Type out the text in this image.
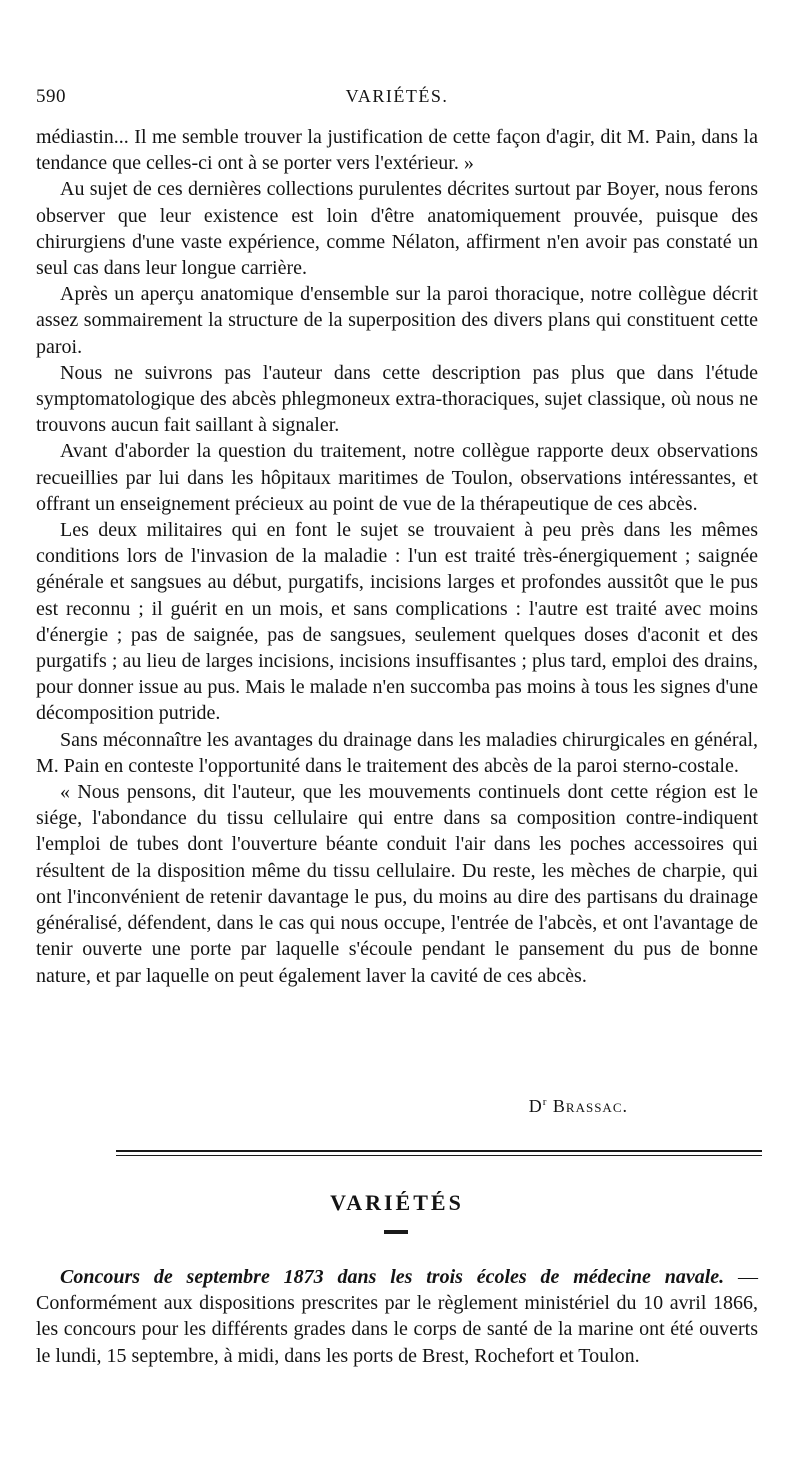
590	VARIÉTÉS.

médiastin... Il me semble trouver la justification de cette façon d'agir, dit M. Pain, dans la tendance que celles-ci ont à se porter vers l'extérieur. »

Au sujet de ces dernières collections purulentes décrites surtout par Boyer, nous ferons observer que leur existence est loin d'être anatomiquement prouvée, puisque des chirurgiens d'une vaste expérience, comme Nélaton, affirment n'en avoir pas constaté un seul cas dans leur longue carrière.

Après un aperçu anatomique d'ensemble sur la paroi thoracique, notre collègue décrit assez sommairement la structure de la superposition des divers plans qui constituent cette paroi.

Nous ne suivrons pas l'auteur dans cette description pas plus que dans l'étude symptomatologique des abcès phlegmoneux extra-thoraciques, sujet classique, où nous ne trouvons aucun fait saillant à signaler.

Avant d'aborder la question du traitement, notre collègue rapporte deux observations recueillies par lui dans les hôpitaux maritimes de Toulon, observations intéressantes, et offrant un enseignement précieux au point de vue de la thérapeutique de ces abcès.

Les deux militaires qui en font le sujet se trouvaient à peu près dans les mêmes conditions lors de l'invasion de la maladie : l'un est traité très-énergiquement ; saignée générale et sangsues au début, purgatifs, incisions larges et profondes aussitôt que le pus est reconnu ; il guérit en un mois, et sans complications : l'autre est traité avec moins d'énergie ; pas de saignée, pas de sangsues, seulement quelques doses d'aconit et des purgatifs ; au lieu de larges incisions, incisions insuffisantes ; plus tard, emploi des drains, pour donner issue au pus. Mais le malade n'en succomba pas moins à tous les signes d'une décomposition putride.

Sans méconnaître les avantages du drainage dans les maladies chirurgicales en général, M. Pain en conteste l'opportunité dans le traitement des abcès de la paroi sterno-costale.

« Nous pensons, dit l'auteur, que les mouvements continuels dont cette région est le siége, l'abondance du tissu cellulaire qui entre dans sa composition contre-indiquent l'emploi de tubes dont l'ouverture béante conduit l'air dans les poches accessoires qui résultent de la disposition même du tissu cellulaire. Du reste, les mèches de charpie, qui ont l'inconvénient de retenir davantage le pus, du moins au dire des partisans du drainage généralisé, défendent, dans le cas qui nous occupe, l'entrée de l'abcès, et ont l'avantage de tenir ouverte une porte par laquelle s'écoule pendant le pansement du pus de bonne nature, et par laquelle on peut également laver la cavité de ces abcès.

$D^r$ Brassac.
VARIÉTÉS

Concours de septembre 1873 dans les trois écoles de médecine navale. — Conformément aux dispositions prescrites par le règlement ministériel du 10 avril 1866, les concours pour les différents grades dans le corps de santé de la marine ont été ouverts le lundi, 15 septembre, à midi, dans les ports de Brest, Rochefort et Toulon.
